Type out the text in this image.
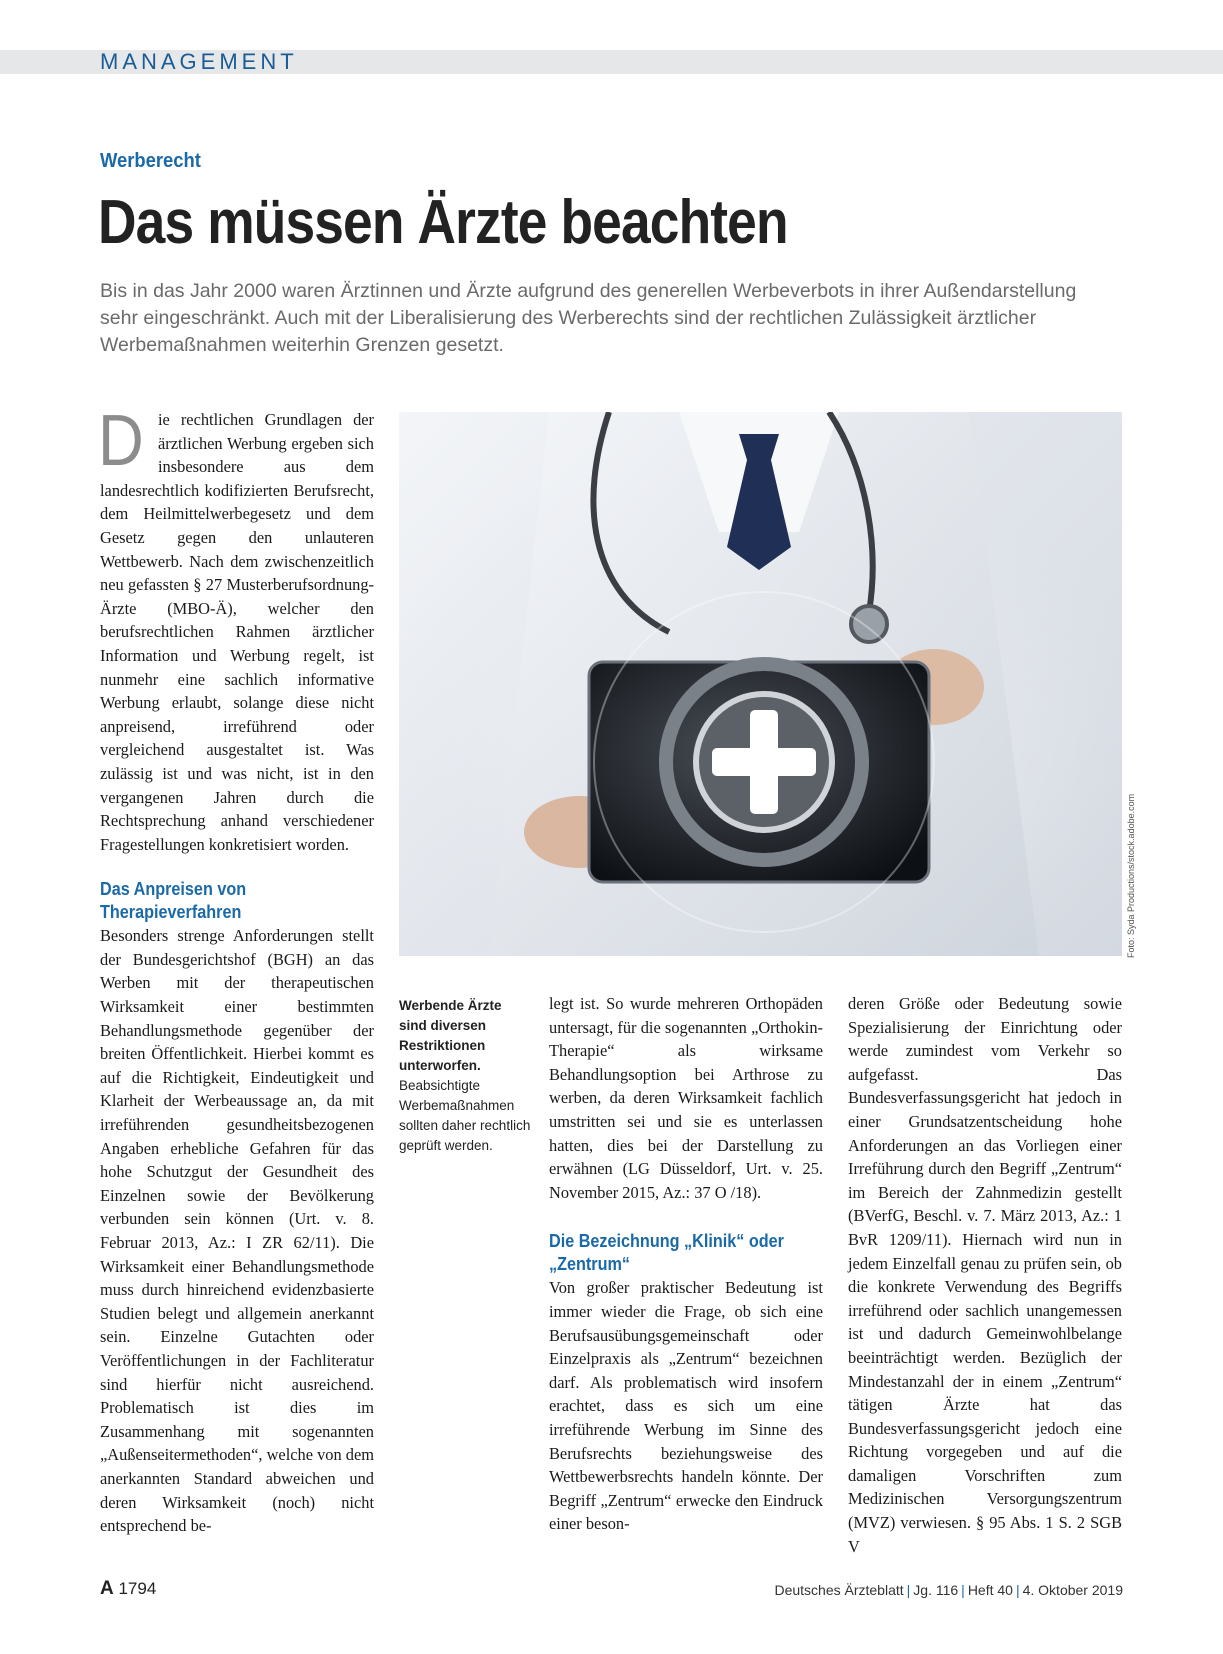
MANAGEMENT
Werberecht
Das müssen Ärzte beachten

Bis in das Jahr 2000 waren Ärztinnen und Ärzte aufgrund des generellen Werbeverbots in ihrer Außendarstellung

sehr eingeschränkt. Auch mit der Liberalisierung des Werberechts sind der rechtlichen Zulässigkeit ärztlicher

Werbemaßnahmen weiterhin Grenzen gesetzt.

Die rechtlichen Grundlagen der ärztlichen Werbung ergeben sich insbesondere aus dem landesrechtlich kodifizierten Berufsrecht, dem Heilmittelwerbegesetz und dem Gesetz gegen den unlauteren Wettbewerb. Nach dem zwischenzeitlich neu gefassten § 27 Musterberufsordnung-Ärzte (MBO-Ä), welcher den berufsrechtlichen Rahmen ärztlicher Information und Werbung regelt, ist nunmehr eine sachlich informative Werbung erlaubt, solange diese nicht anpreisend, irreführend oder vergleichend ausgestaltet ist. Was zulässig ist und was nicht, ist in den vergangenen Jahren durch die Rechtsprechung anhand verschiedener Fragestellungen konkretisiert worden.

Das Anpreisen von Therapieverfahren

Besonders strenge Anforderungen stellt der Bundesgerichtshof (BGH) an das Werben mit der therapeutischen Wirksamkeit einer bestimmten Behandlungsmethode gegenüber der breiten Öffentlichkeit. Hierbei kommt es auf die Richtigkeit, Eindeutigkeit und Klarheit der Werbeaussage an, da mit irreführenden gesundheitsbezogenen Angaben erhebliche Gefahren für das hohe Schutzgut der Gesundheit des Einzelnen sowie der Bevölkerung verbunden sein können (Urt. v. 8. Februar 2013, Az.: I ZR 62/11). Die Wirksamkeit einer Behandlungsmethode muss durch hinreichend evidenzbasierte Studien belegt und allgemein anerkannt sein. Einzelne Gutachten oder Veröffentlichungen in der Fachliteratur sind hierfür nicht ausreichend. Problematisch ist dies im Zusammenhang mit sogenannten „Außenseitermethoden“, welche von dem anerkannten Standard abweichen und deren Wirksamkeit (noch) nicht entsprechend be-

Foto: Syda Productions/stock.adobe.com
Werbende Ärzte sind diversen Restriktionen unterworfen. Beabsichtigte Werbemaßnahmen sollten daher rechtlich geprüft werden.

legt ist. So wurde mehreren Orthopäden untersagt, für die sogenannten „Orthokin-Therapie“ als wirksame Behandlungsoption bei Arthrose zu werben, da deren Wirksamkeit fachlich umstritten sei und sie es unterlassen hatten, dies bei der Darstellung zu erwähnen (LG Düsseldorf, Urt. v. 25. November 2015, Az.: 37 O /18).

Die Bezeichnung „Klinik“ oder „Zentrum“

Von großer praktischer Bedeutung ist immer wieder die Frage, ob sich eine Berufsausübungsgemeinschaft oder Einzelpraxis als „Zentrum“ bezeichnen darf. Als problematisch wird insofern erachtet, dass es sich um eine irreführende Werbung im Sinne des Berufsrechts beziehungsweise des Wettbewerbsrechts handeln könnte. Der Begriff „Zentrum“ erwecke den Eindruck einer beson-

deren Größe oder Bedeutung sowie Spezialisierung der Einrichtung oder werde zumindest vom Verkehr so aufgefasst. Das Bundesverfassungsgericht hat jedoch in einer Grundsatzentscheidung hohe Anforderungen an das Vorliegen einer Irreführung durch den Begriff „Zentrum“ im Bereich der Zahnmedizin gestellt (BVerfG, Beschl. v. 7. März 2013, Az.: 1 BvR 1209/11). Hiernach wird nun in jedem Einzelfall genau zu prüfen sein, ob die konkrete Verwendung des Begriffs irreführend oder sachlich unangemessen ist und dadurch Gemeinwohlbelange beeinträchtigt werden. Bezüglich der Mindestanzahl der in einem „Zentrum“ tätigen Ärzte hat das Bundesverfassungsgericht jedoch eine Richtung vorgegeben und auf die damaligen Vorschriften zum Medizinischen Versorgungszentrum (MVZ) verwiesen. § 95 Abs. 1 S. 2 SGB V

A 1794	Deutsches Ärzteblatt | Jg. 116 | Heft 40 | 4. Oktober 2019
